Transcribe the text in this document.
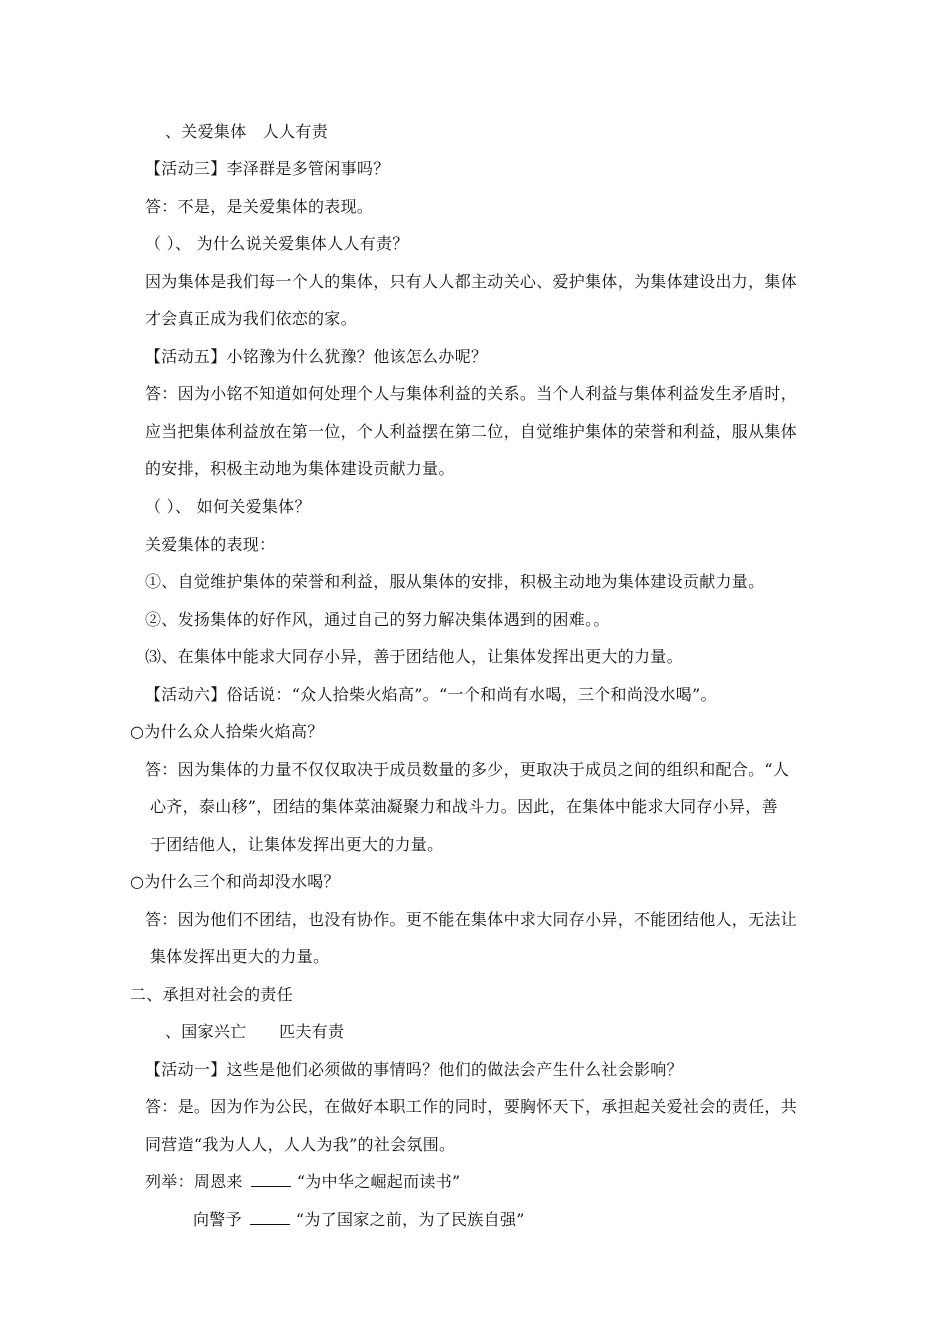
、关爱集体　人人有责
【活动三】李泽群是多管闲事吗？
答：不是，是关爱集体的表现。
（ ）、 为什么说关爱集体人人有责？
因为集体是我们每一个人的集体，只有人人都主动关心、爱护集体，为集体建设出力，集体
才会真正成为我们依恋的家。
【活动五】小铭豫为什么犹豫？他该怎么办呢？
答：因为小铭不知道如何处理个人与集体利益的关系。当个人利益与集体利益发生矛盾时，
应当把集体利益放在第一位，个人利益摆在第二位，自觉维护集体的荣誉和利益，服从集体
的安排，积极主动地为集体建设贡献力量。
（ ）、 如何关爱集体？
关爱集体的表现：
①、自觉维护集体的荣誉和利益，服从集体的安排，积极主动地为集体建设贡献力量。
②、发扬集体的好作风，通过自己的努力解决集体遇到的困难。。
⑶、在集体中能求大同存小异，善于团结他人，让集体发挥出更大的力量。
【活动六】俗话说：“众人拾柴火焰高”。“一个和尚有水喝，三个和尚没水喝”。
○为什么众人拾柴火焰高？
答：因为集体的力量不仅仅取决于成员数量的多少，更取决于成员之间的组织和配合。“人
心齐，泰山移”，团结的集体菜油凝聚力和战斗力。因此，在集体中能求大同存小异，善
于团结他人，让集体发挥出更大的力量。
○为什么三个和尚却没水喝？
答：因为他们不团结，也没有协作。更不能在集体中求大同存小异，不能团结他人，无法让
集体发挥出更大的力量。
二、承担对社会的责任
、国家兴亡　　匹夫有责
【活动一】这些是他们必须做的事情吗？他们的做法会产生什么社会影响？
答：是。因为作为公民，在做好本职工作的同时，要胸怀天下，承担起关爱社会的责任，共
同营造“我为人人，人人为我”的社会氛围。
列举：周恩来	“为中华之崛起而读书”
向警予	“为了国家之前，为了民族自强”
